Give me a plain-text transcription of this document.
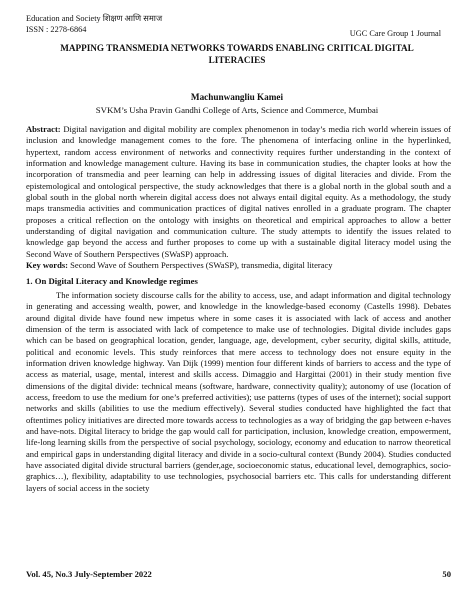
Education and Society शिक्षण आणि समाज
ISSN : 2278-6864	UGC Care Group 1 Journal
MAPPING TRANSMEDIA NETWORKS TOWARDS ENABLING CRITICAL DIGITAL LITERACIES
Machunwangliu Kamei
SVKM’s Usha Pravin Gandhi College of Arts, Science and Commerce, Mumbai

Abstract: Digital navigation and digital mobility are complex phenomenon in today’s media rich world wherein issues of inclusion and knowledge management comes to the fore. The phenomena of interfacing online in the hyperlinked, hypertext, random access environment of networks and connectivity requires further understanding in the context of information and knowledge management culture. Having its base in communication studies, the chapter looks at how the incorporation of transmedia and peer learning can help in addressing issues of digital literacies and divide. From the epistemological and ontological perspective, the study acknowledges that there is a global north in the global south and a global south in the global north wherein digital access does not always entail digital equity. As a methodology, the study maps transmedia activities and communication practices of digital natives enrolled in a graduate program. The chapter proposes a critical reflection on the ontology with insights on theoretical and empirical approaches to allow a better understanding of digital navigation and communication culture. The study attempts to identify the issues related to knowledge gap beyond the access and further proposes to come up with a sustainable digital literacy model using the Second Wave of Southern Perspectives (SWaSP) approach.

Key words: Second Wave of Southern Perspectives (SWaSP), transmedia, digital literacy

1. On Digital Literacy and Knowledge regimes

The information society discourse calls for the ability to access, use, and adapt information and digital technology in generating and accessing wealth, power, and knowledge in the knowledge-based economy (Castells 1998). Debates around digital divide have found new impetus where in some cases it is associated with lack of access and another dimension of the term is associated with lack of competence to make use of technologies. Digital divide includes gaps which can be based on geographical location, gender, language, age, development, cyber security, digital skills, attitude, political and economic levels. This study reinforces that mere access to technology does not ensure equity in the information driven knowledge highway. Van Dijk (1999) mention four different kinds of barriers to access and the type of access as material, usage, mental, interest and skills access. Dimaggio and Hargittai (2001) in their study mention five dimensions of the digital divide: technical means (software, hardware, connectivity quality); autonomy of use (location of access, freedom to use the medium for one’s preferred activities); use patterns (types of uses of the internet); social support networks and skills (abilities to use the medium effectively). Several studies conducted have highlighted the fact that oftentimes policy initiatives are directed more towards access to technologies as a way of bridging the gap between e-haves and have-nots. Digital literacy to bridge the gap would call for participation, inclusion, knowledge creation, empowerment, life-long learning skills from the perspective of social psychology, sociology, economy and education to narrow theoretical and empirical gaps in understanding digital literacy and divide in a socio-cultural context (Bundy 2004). Studies conducted have associated digital divide structural barriers (gender,age, socioeconomic status, educational level, demographics, socio-graphics…), flexibility, adaptability to use technologies, psychosocial barriers etc. This calls for understanding different layers of social access in the society

Vol. 45, No.3 July-September 2022	50
